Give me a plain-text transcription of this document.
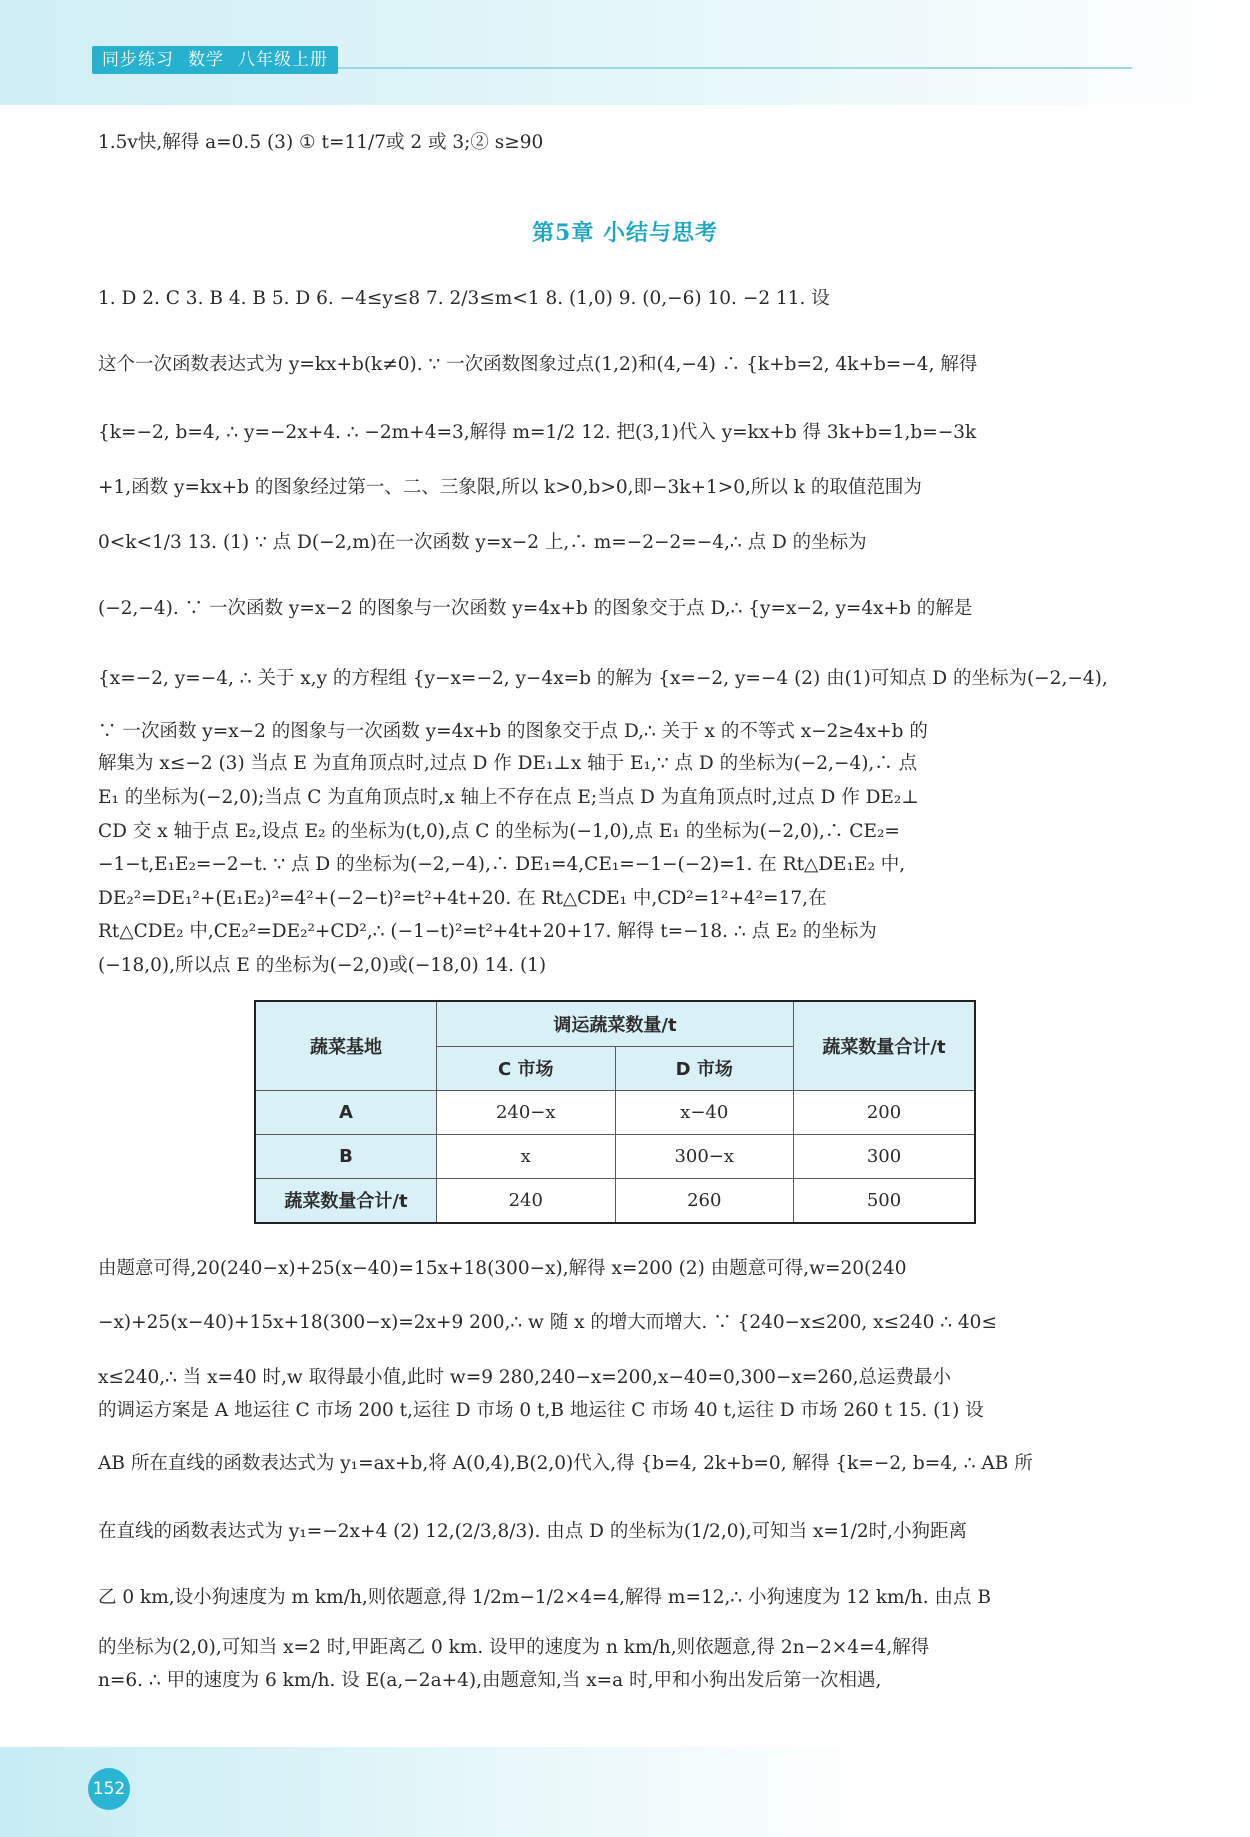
同步练习 数学 八年级上册
1.5v快,解得 a=0.5 (3) ① t=11/7或 2 或 3;② s≥90
第5章 小结与思考
1. D 2. C 3. B 4. B 5. D 6. −4≤y≤8 7. 2/3≤m<1 8. (1,0) 9. (0,−6) 10. −2 11. 设
这个一次函数表达式为 y=kx+b(k≠0). ∵ 一次函数图象过点(1,2)和(4,−4) ∴ {k+b=2, 4k+b=−4, 解得
{k=−2, b=4, ∴ y=−2x+4. ∴ −2m+4=3,解得 m=1/2 12. 把(3,1)代入 y=kx+b 得 3k+b=1,b=−3k
+1,函数 y=kx+b 的图象经过第一、二、三象限,所以 k>0,b>0,即−3k+1>0,所以 k 的取值范围为
0<k<1/3 13. (1) ∵ 点 D(−2,m)在一次函数 y=x−2 上,∴ m=−2−2=−4,∴ 点 D 的坐标为
(−2,−4). ∵ 一次函数 y=x−2 的图象与一次函数 y=4x+b 的图象交于点 D,∴ {y=x−2, y=4x+b 的解是
{x=−2, y=−4, ∴ 关于 x,y 的方程组 {y−x=−2, y−4x=b 的解为 {x=−2, y=−4 (2) 由(1)可知点 D 的坐标为(−2,−4),
∵ 一次函数 y=x−2 的图象与一次函数 y=4x+b 的图象交于点 D,∴ 关于 x 的不等式 x−2≥4x+b 的
解集为 x≤−2 (3) 当点 E 为直角顶点时,过点 D 作 DE₁⊥x 轴于 E₁,∵ 点 D 的坐标为(−2,−4),∴ 点
E₁ 的坐标为(−2,0);当点 C 为直角顶点时,x 轴上不存在点 E;当点 D 为直角顶点时,过点 D 作 DE₂⊥
CD 交 x 轴于点 E₂,设点 E₂ 的坐标为(t,0),点 C 的坐标为(−1,0),点 E₁ 的坐标为(−2,0),∴ CE₂=
−1−t,E₁E₂=−2−t. ∵ 点 D 的坐标为(−2,−4),∴ DE₁=4,CE₁=−1−(−2)=1. 在 Rt△DE₁E₂ 中,
DE₂²=DE₁²+(E₁E₂)²=4²+(−2−t)²=t²+4t+20. 在 Rt△CDE₁ 中,CD²=1²+4²=17,在
Rt△CDE₂ 中,CE₂²=DE₂²+CD²,∴ (−1−t)²=t²+4t+20+17. 解得 t=−18. ∴ 点 E₂ 的坐标为
(−18,0),所以点 E 的坐标为(−2,0)或(−18,0) 14. (1)
蔬菜基地	调运蔬菜数量/t		蔬菜数量合计/t
	C 市场	D 市场	
A	240−x	x−40	200
B	x	300−x	300
蔬菜数量合计/t	240	260	500
由题意可得,20(240−x)+25(x−40)=15x+18(300−x),解得 x=200 (2) 由题意可得,w=20(240
−x)+25(x−40)+15x+18(300−x)=2x+9 200,∴ w 随 x 的增大而增大. ∵ {240−x≤200, x≤240 ∴ 40≤
x≤240,∴ 当 x=40 时,w 取得最小值,此时 w=9 280,240−x=200,x−40=0,300−x=260,总运费最小
的调运方案是 A 地运往 C 市场 200 t,运往 D 市场 0 t,B 地运往 C 市场 40 t,运往 D 市场 260 t 15. (1) 设
AB 所在直线的函数表达式为 y₁=ax+b,将 A(0,4),B(2,0)代入,得 {b=4, 2k+b=0, 解得 {k=−2, b=4, ∴ AB 所
在直线的函数表达式为 y₁=−2x+4 (2) 12,(2/3,8/3). 由点 D 的坐标为(1/2,0),可知当 x=1/2时,小狗距离
乙 0 km,设小狗速度为 m km/h,则依题意,得 1/2m−1/2×4=4,解得 m=12,∴ 小狗速度为 12 km/h. 由点 B
的坐标为(2,0),可知当 x=2 时,甲距离乙 0 km. 设甲的速度为 n km/h,则依题意,得 2n−2×4=4,解得
n=6. ∴ 甲的速度为 6 km/h. 设 E(a,−2a+4),由题意知,当 x=a 时,甲和小狗出发后第一次相遇,
152
